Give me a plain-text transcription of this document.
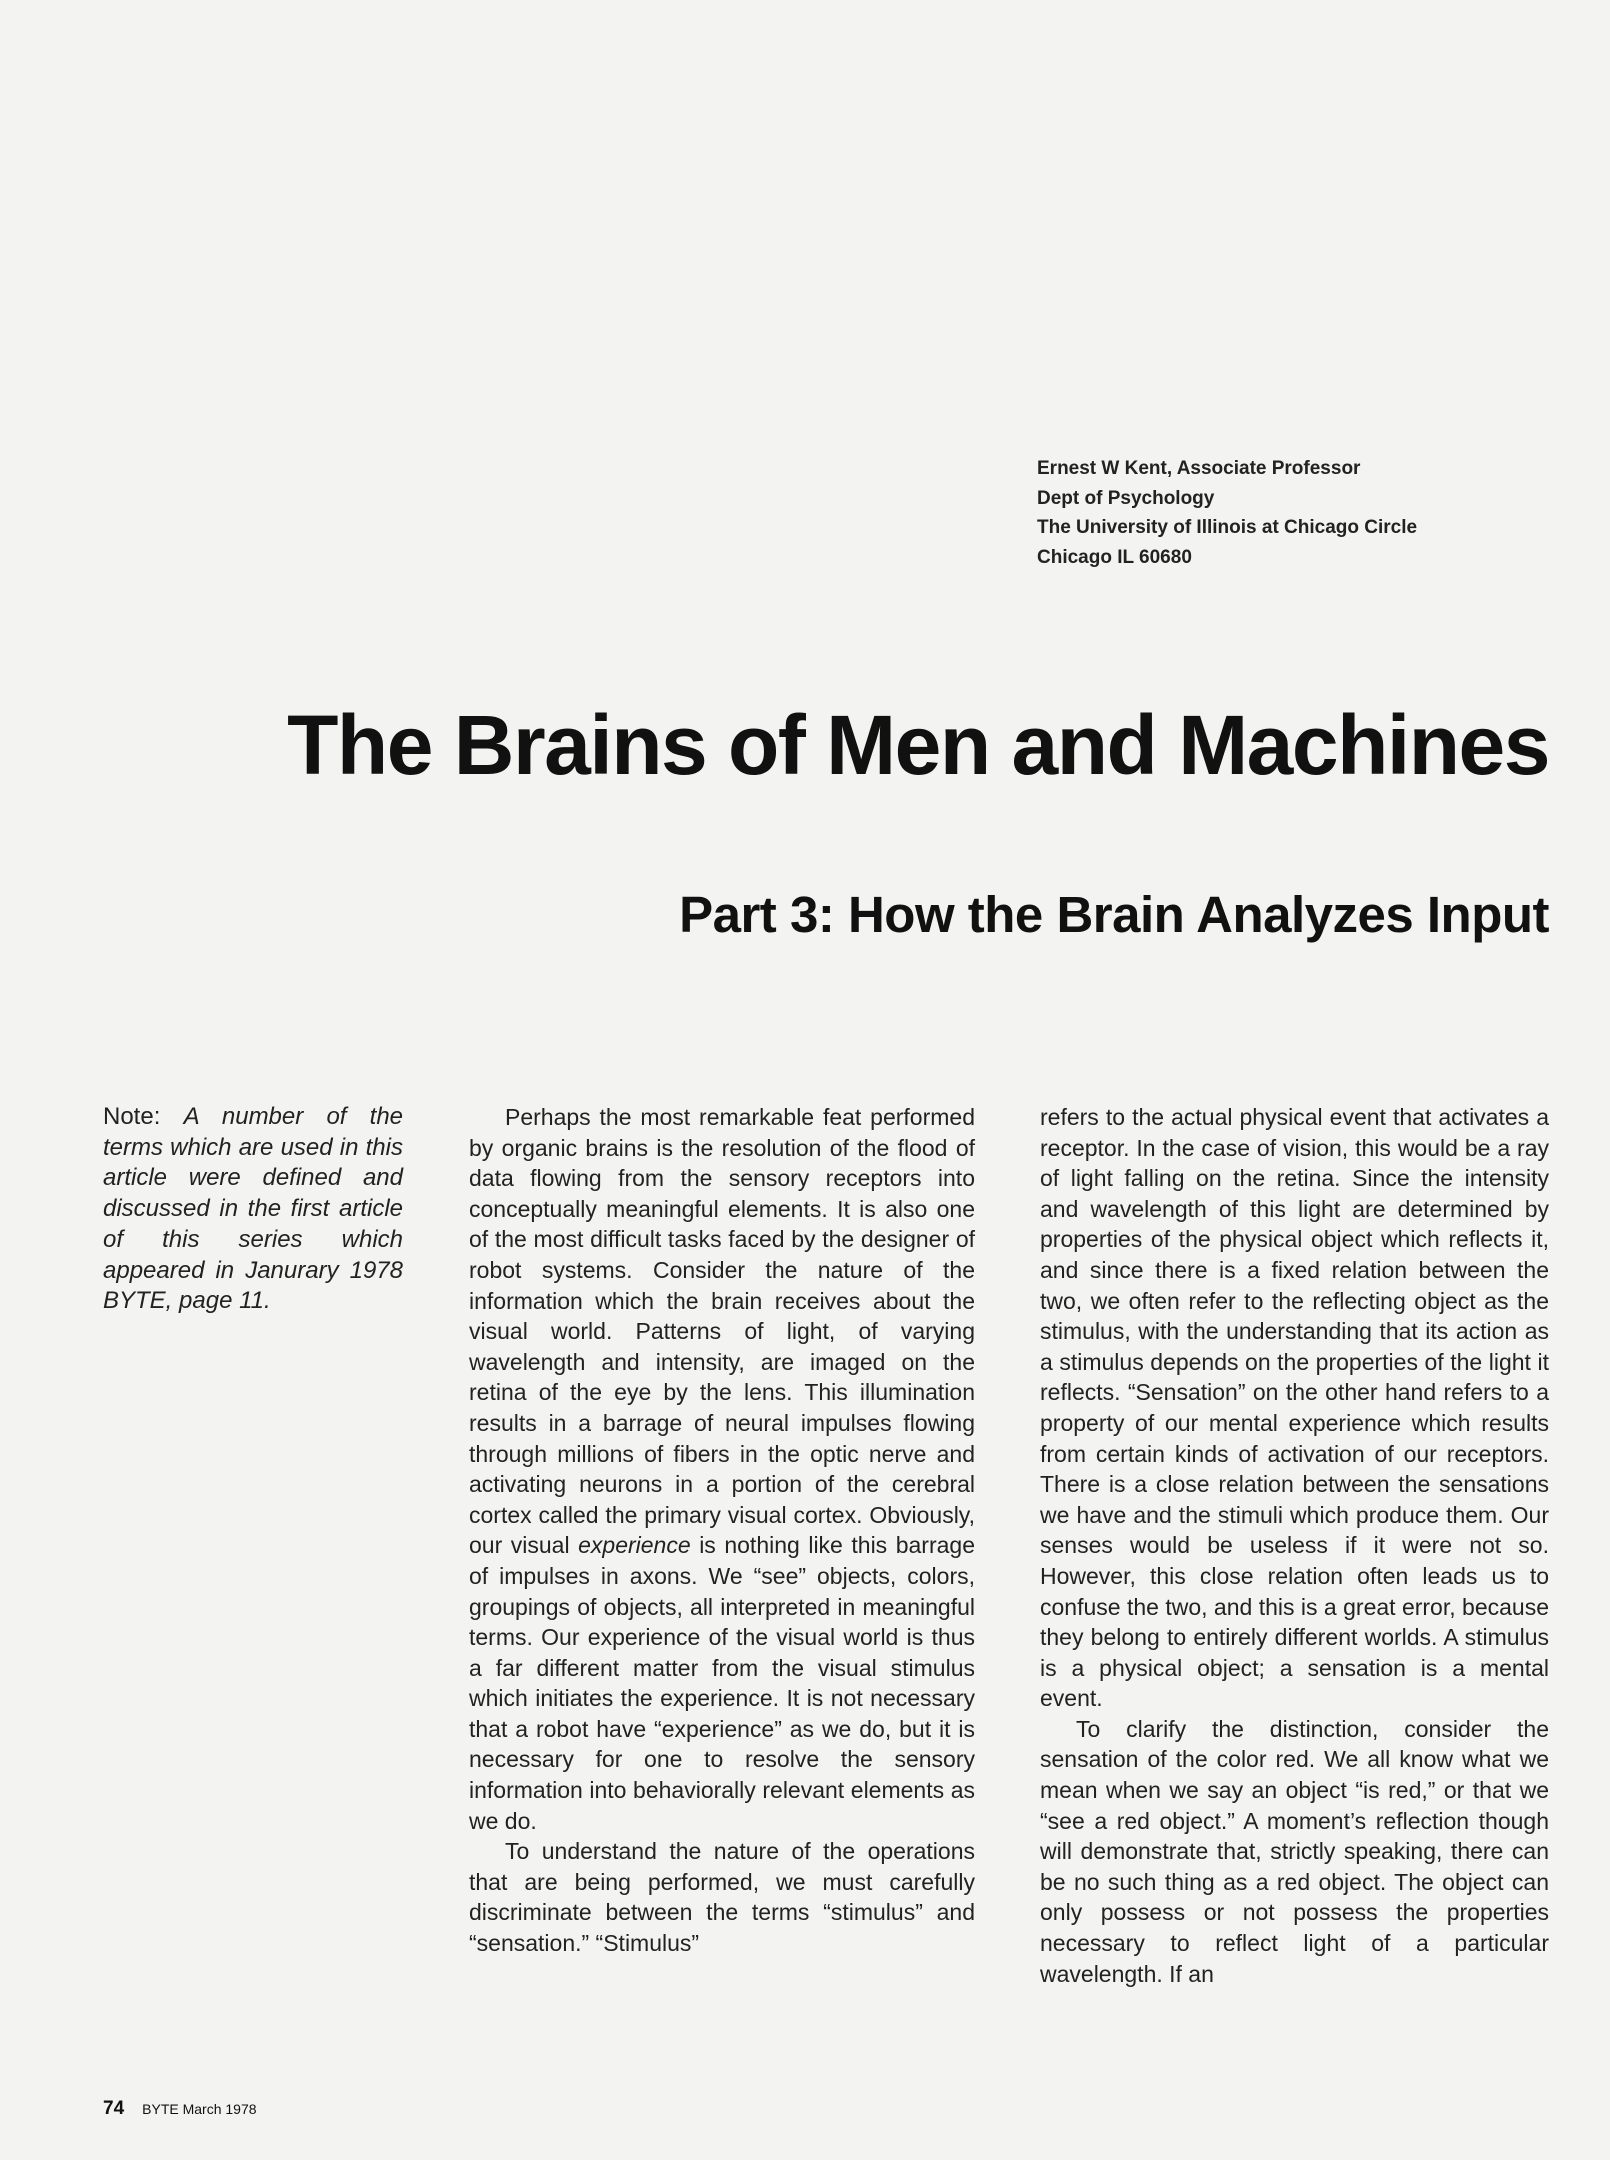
Ernest W Kent, Associate Professor
Dept of Psychology
The University of Illinois at Chicago Circle
Chicago IL 60680
The Brains of Men and Machines
Part 3: How the Brain Analyzes Input
Note: A number of the terms which are used in this article were defined and discussed in the first article of this series which appeared in Janurary 1978 BYTE, page 11.

Perhaps the most remarkable feat performed by organic brains is the resolution of the flood of data flowing from the sensory receptors into conceptually meaningful elements. It is also one of the most difficult tasks faced by the designer of robot systems. Consider the nature of the information which the brain receives about the visual world. Patterns of light, of varying wavelength and intensity, are imaged on the retina of the eye by the lens. This illumination results in a barrage of neural impulses flowing through millions of fibers in the optic nerve and activating neurons in a portion of the cerebral cortex called the primary visual cortex. Obviously, our visual experience is nothing like this barrage of impulses in axons. We “see” objects, colors, groupings of objects, all interpreted in meaningful terms. Our experience of the visual world is thus a far different matter from the visual stimulus which initiates the experience. It is not necessary that a robot have “experience” as we do, but it is necessary for one to resolve the sensory information into behaviorally relevant elements as we do.

To understand the nature of the operations that are being performed, we must carefully discriminate between the terms “stimulus” and “sensation.” “Stimulus”

refers to the actual physical event that activates a receptor. In the case of vision, this would be a ray of light falling on the retina. Since the intensity and wavelength of this light are determined by properties of the physical object which reflects it, and since there is a fixed relation between the two, we often refer to the reflecting object as the stimulus, with the understanding that its action as a stimulus depends on the properties of the light it reflects. “Sensation” on the other hand refers to a property of our mental experience which results from certain kinds of activation of our receptors. There is a close relation between the sensations we have and the stimuli which produce them. Our senses would be useless if it were not so. However, this close relation often leads us to confuse the two, and this is a great error, because they belong to entirely different worlds. A stimulus is a physical object; a sensation is a mental event.

To clarify the distinction, consider the sensation of the color red. We all know what we mean when we say an object “is red,” or that we “see a red object.” A moment’s reflection though will demonstrate that, strictly speaking, there can be no such thing as a red object. The object can only possess or not possess the properties necessary to reflect light of a particular wavelength. If an

74 BYTE March 1978
